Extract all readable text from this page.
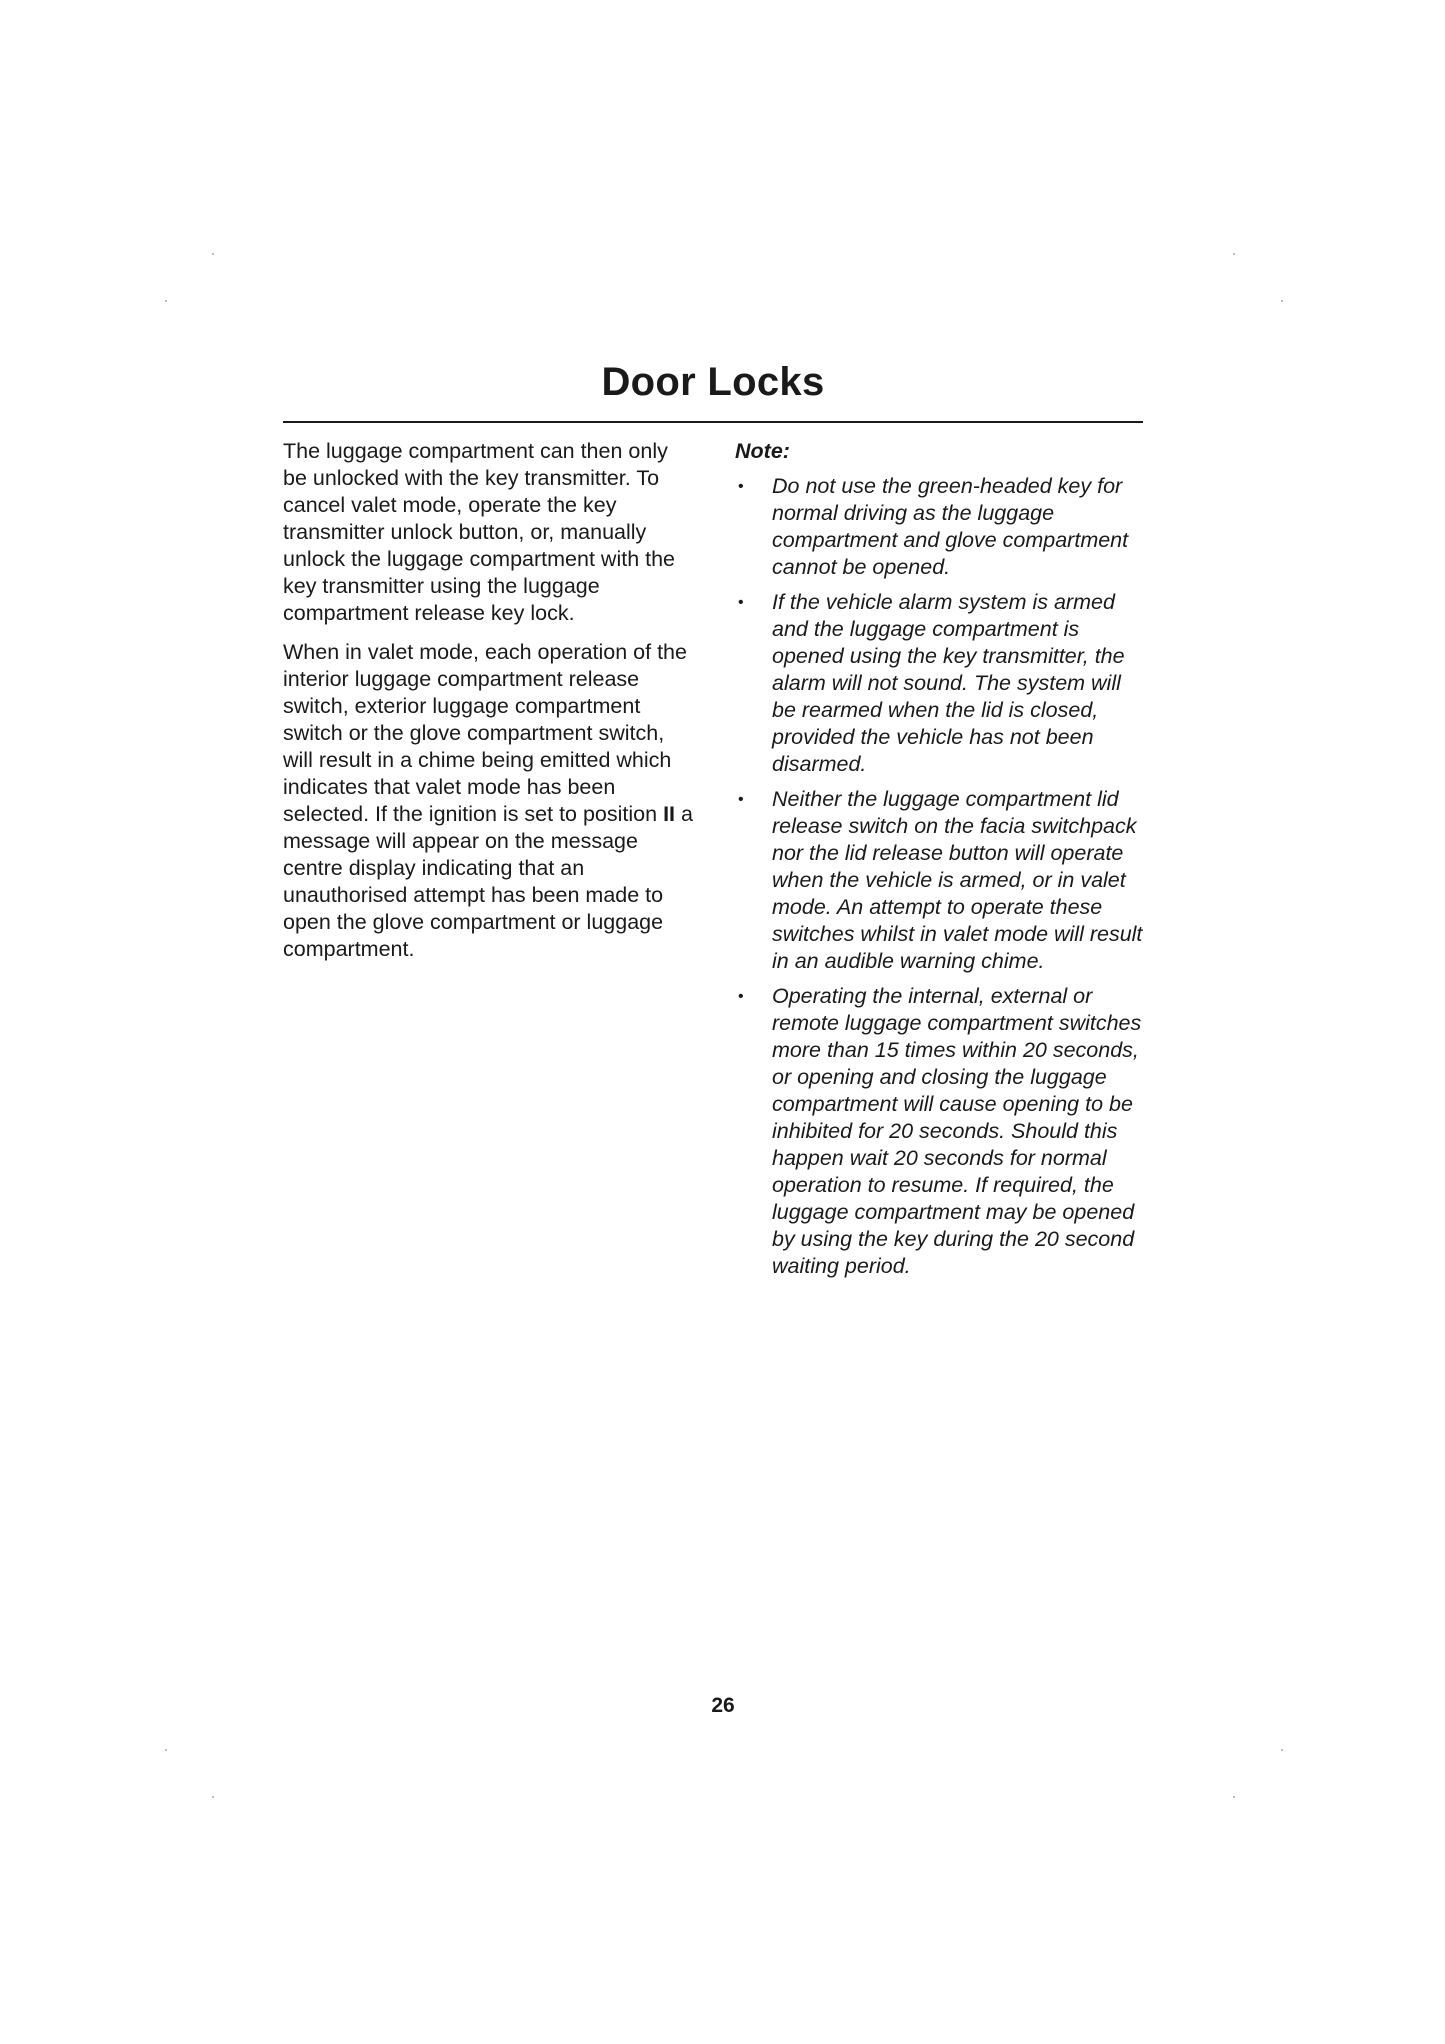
Door Locks

The luggage compartment can then only be unlocked with the key transmitter. To cancel valet mode, operate the key transmitter unlock button, or, manually unlock the luggage compartment with the key transmitter using the luggage compartment release key lock.

When in valet mode, each operation of the interior luggage compartment release switch, exterior luggage compartment switch or the glove compartment switch, will result in a chime being emitted which indicates that valet mode has been selected. If the ignition is set to position II a message will appear on the message centre display indicating that an unauthorised attempt has been made to open the glove compartment or luggage compartment.

Note:

• Do not use the green-headed key for normal driving as the luggage compartment and glove compartment cannot be opened.
• If the vehicle alarm system is armed and the luggage compartment is opened using the key transmitter, the alarm will not sound. The system will be rearmed when the lid is closed, provided the vehicle has not been disarmed.
• Neither the luggage compartment lid release switch on the facia switchpack nor the lid release button will operate when the vehicle is armed, or in valet mode. An attempt to operate these switches whilst in valet mode will result in an audible warning chime.
• Operating the internal, external or remote luggage compartment switches more than 15 times within 20 seconds, or opening and closing the luggage compartment will cause opening to be inhibited for 20 seconds. Should this happen wait 20 seconds for normal operation to resume. If required, the luggage compartment may be opened by using the key during the 20 second waiting period.
26
